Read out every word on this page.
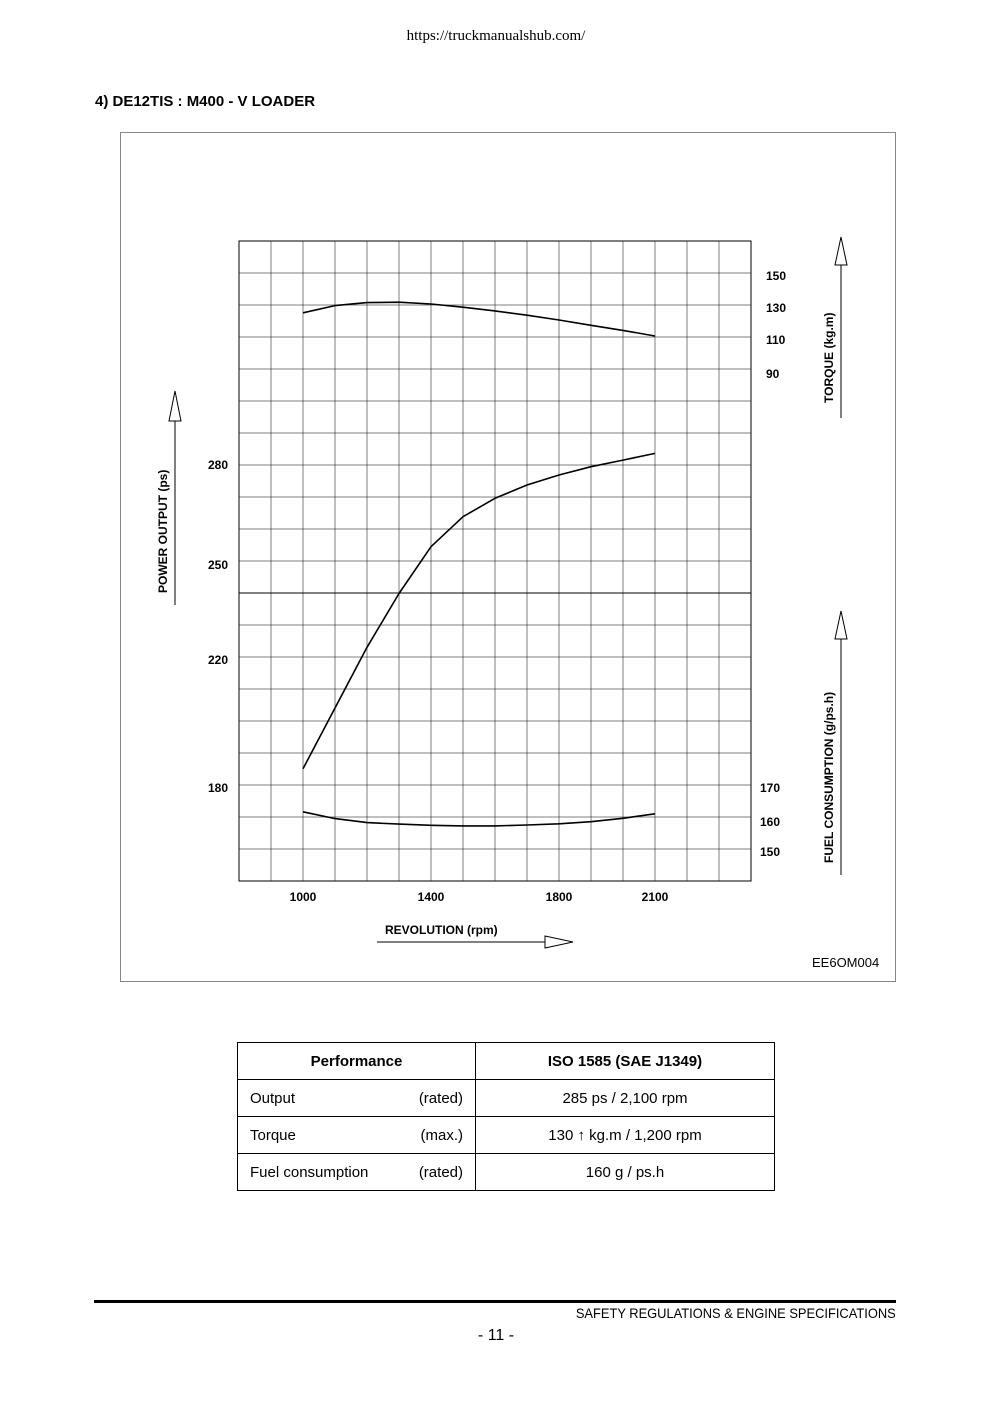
https://truckmanualshub.com/
4) DE12TIS : M400 - V LOADER
1000	1400	1800	2100
REVOLUTION (rpm)
280
250
220
180
POWER OUTPUT (ps)
150
130
110
90	TORQUE (kg.m)
170
160
150	FUEL CONSUMPTION (g/ps.h)
EE6OM004
Performance	ISO 1585 (SAE J1349)

Output (rated)	285 ps / 2,100 rpm

Torque (max.)	130 ↑ kg.m / 1,200 rpm

Fuel consumption (rated)	160 g / ps.h
SAFETY REGULATIONS & ENGINE SPECIFICATIONS
- 11 -
